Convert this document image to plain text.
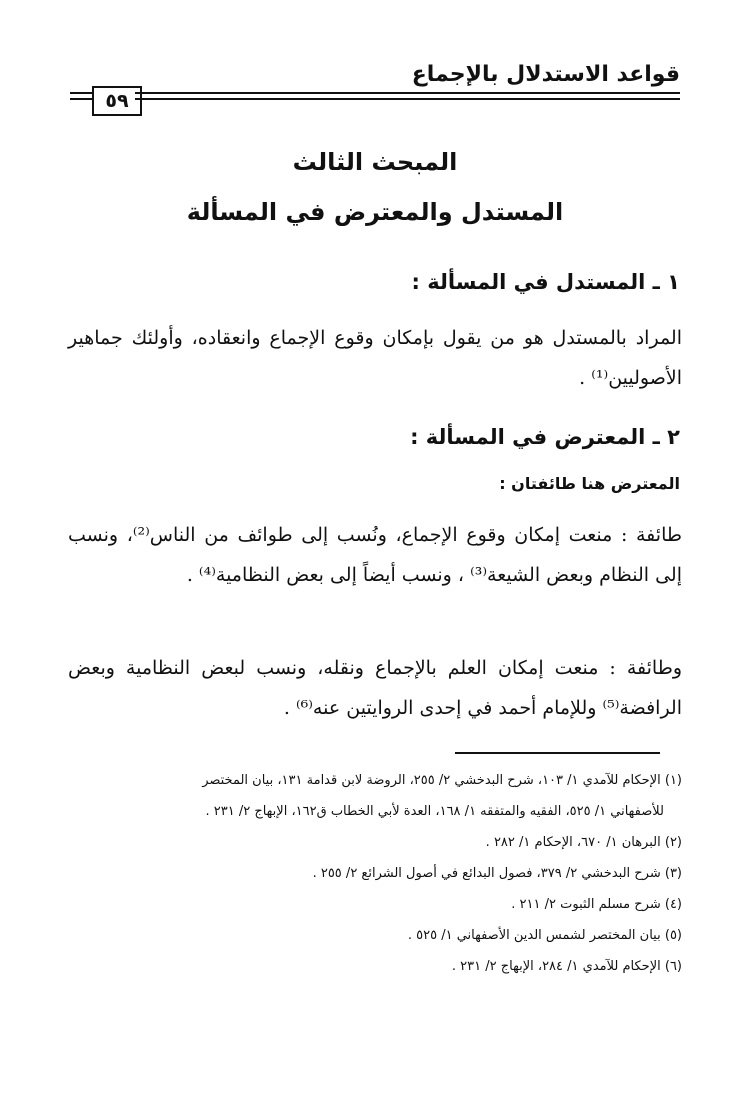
قواعد الاستدلال بالإجماع
٥٩
المبحث الثالث
المستدل والمعترض في المسألة
١ ـ المستدل في المسألة :
المراد بالمستدل هو من يقول بإمكان وقوع الإجماع وانعقاده، وأولئك جماهير الأصوليين⁽¹⁾ .
٢ ـ المعترض في المسألة :
المعترض هنا طائفتان :
طائفة : منعت إمكان وقوع الإجماع، ونُسب إلى طوائف من الناس⁽²⁾، ونسب إلى النظام وبعض الشيعة⁽³⁾ ، ونسب أيضاً إلى بعض النظامية⁽⁴⁾ .
وطائفة : منعت إمكان العلم بالإجماع ونقله، ونسب لبعض النظامية وبعض الرافضة⁽⁵⁾ وللإمام أحمد في إحدى الروايتين عنه⁽⁶⁾ .
(١) الإحكام للآمدي ١/ ١٠٣، شرح البدخشي ٢/ ٢٥٥، الروضة لابن قدامة ١٣١، بيان المختصر
للأصفهاني ١/ ٥٢٥، الفقيه والمتفقه ١/ ١٦٨، العدة لأبي الخطاب ق١٦٢، الإبهاج ٢/ ٢٣١ .
(٢) البرهان ١/ ٦٧٠، الإحكام ١/ ٢٨٢ .
(٣) شرح البدخشي ٢/ ٣٧٩، فصول البدائع في أصول الشرائع ٢/ ٢٥٥ .
(٤) شرح مسلم الثبوت ٢/ ٢١١ .
(٥) بيان المختصر لشمس الدين الأصفهاني ١/ ٥٢٥ .
(٦) الإحكام للآمدي ١/ ٢٨٤، الإبهاج ٢/ ٢٣١ .
